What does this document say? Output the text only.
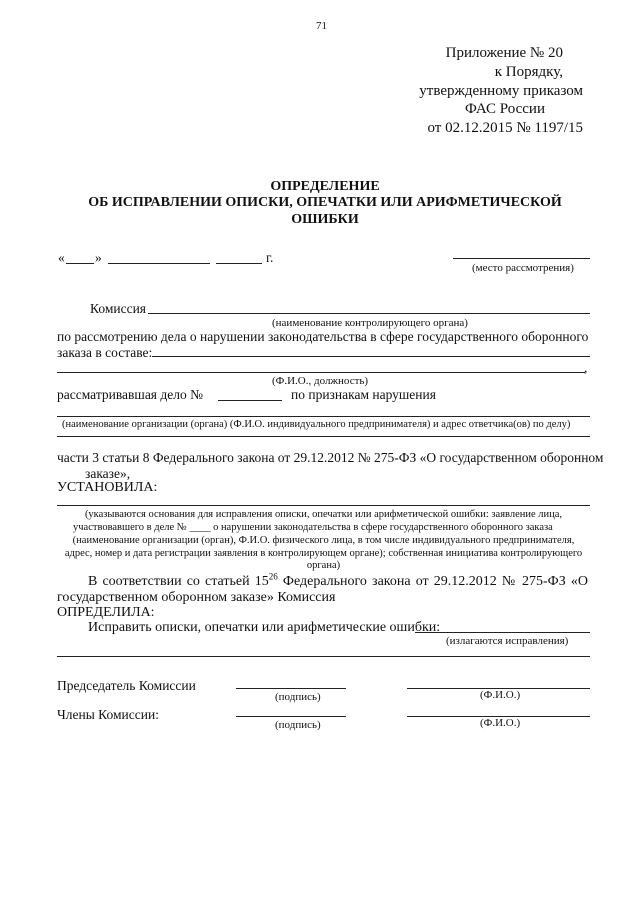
71
Приложение № 20
к Порядку,
утвержденному приказом
ФАС России
от 02.12.2015 № 1197/15
ОПРЕДЕЛЕНИЕ
ОБ ИСПРАВЛЕНИИ ОПИСКИ, ОПЕЧАТКИ ИЛИ АРИФМЕТИЧЕСКОЙ
ОШИБКИ
« »	г.
(место рассмотрения)
Комиссия
(наименование контролирующего органа)
по рассмотрению дела о нарушении законодательства в сфере государственного оборонного
заказа в составе:
,
(Ф.И.О., должность)
рассматривавшая дело №	по признакам нарушения
(наименование организации (органа) (Ф.И.О. индивидуального предпринимателя) и адрес ответчика(ов) по делу)
части 3 статьи 8 Федерального закона от 29.12.2012 № 275-ФЗ «О государственном оборонном
заказе»,
УСТАНОВИЛА:
(указываются основания для исправления описки, опечатки или арифметической ошибки: заявление лица,
участвовавшего в деле № ____ о нарушении законодательства в сфере государственного оборонного заказа
(наименование организации (орган), Ф.И.О. физического лица, в том числе индивидуального предпринимателя,
адрес, номер и дата регистрации заявления в контролирующем органе); собственная инициатива контролирующего
органа)
В соответствии со статьей $15^{26}$ Федерального закона от 29.12.2012 № 275-ФЗ «О
государственном оборонном заказе» Комиссия
ОПРЕДЕЛИЛА:
Исправить описки, опечатки или арифметические ошибки:
(излагаются исправления)
Председатель Комиссии
(подпись)	(Ф.И.О.)
Члены Комиссии:
(подпись)	(Ф.И.О.)
